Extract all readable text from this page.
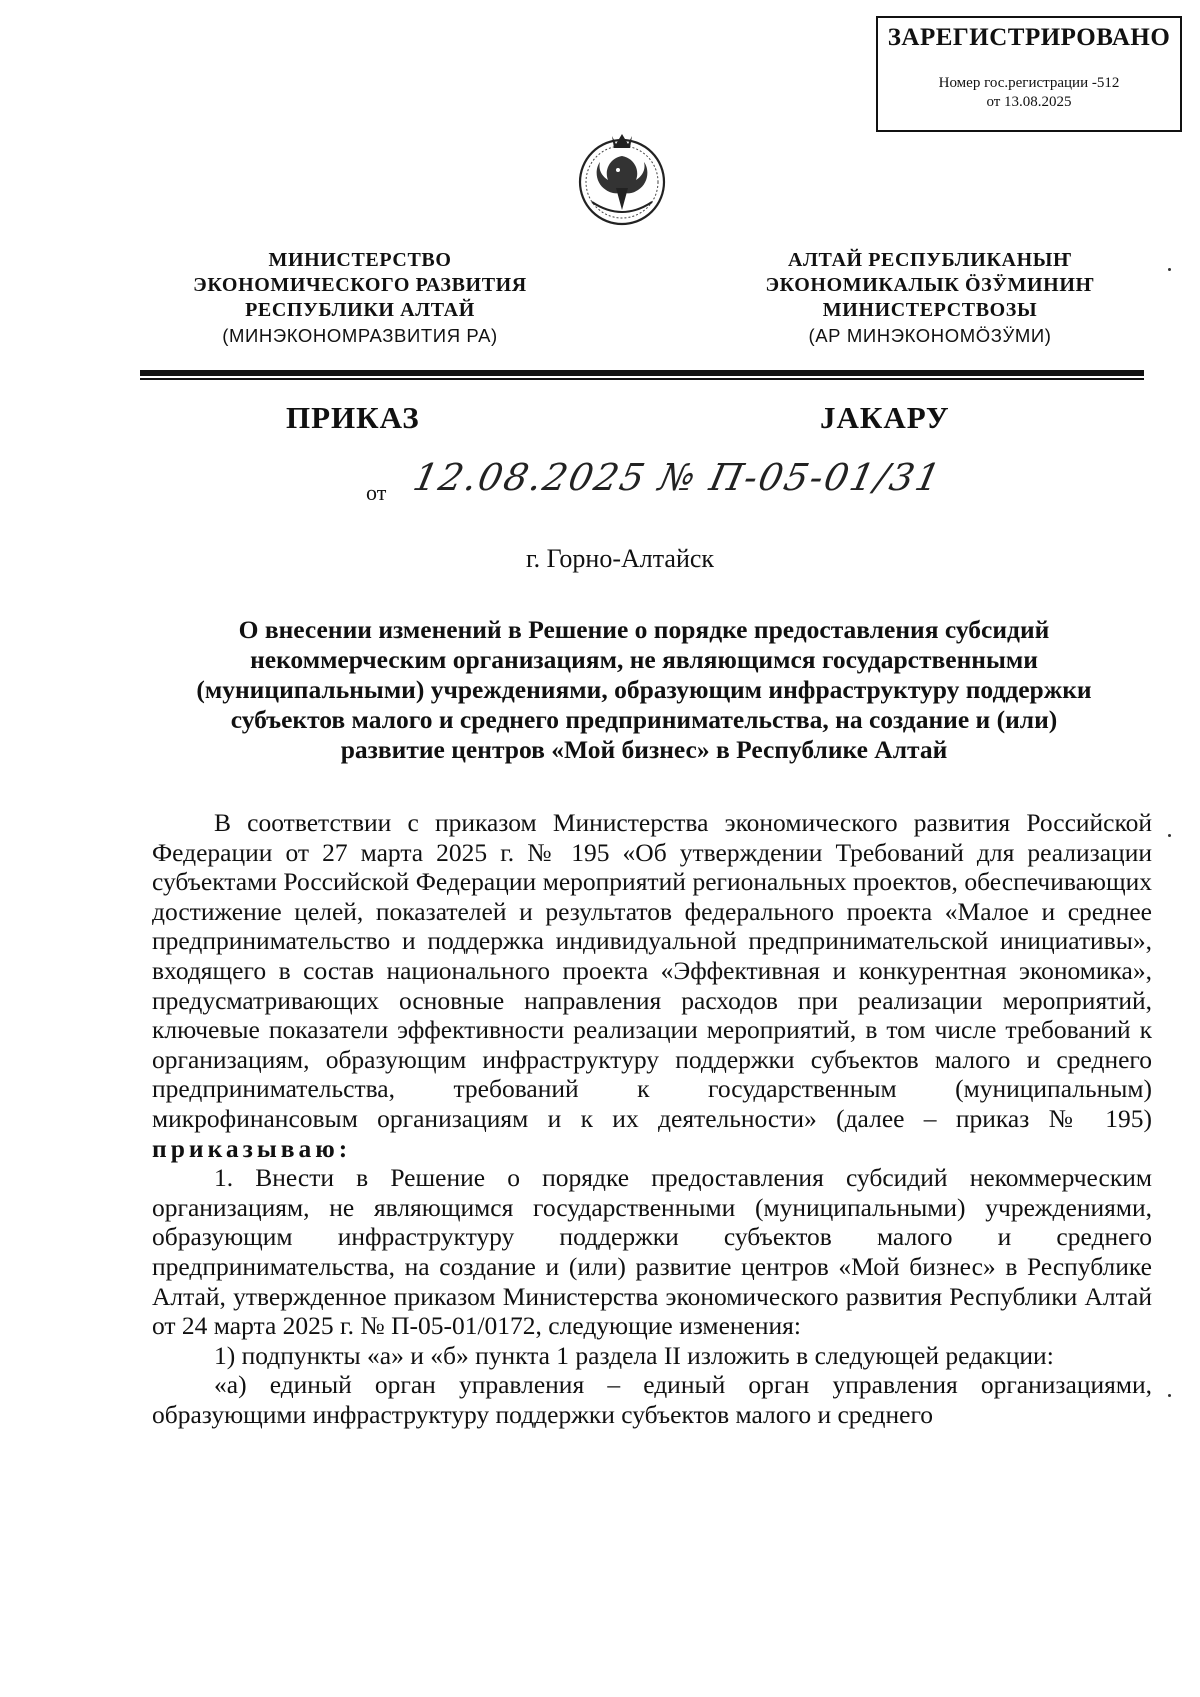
ЗАРЕГИСТРИРОВАНО
Номер гос.регистрации -512
от 13.08.2025
МИНИСТЕРСТВО
ЭКОНОМИЧЕСКОГО РАЗВИТИЯ
РЕСПУБЛИКИ АЛТАЙ
(МИНЭКОНОМРАЗВИТИЯ РА)
АЛТАЙ РЕСПУБЛИКАНЫҤ
ЭКОНОМИКАЛЫК ӦЗӰМИНИҤ
МИНИСТЕРСТВОЗЫ
(АР МИНЭКОНОМӦЗӰМИ)
ПРИКАЗ	ЈАКАРУ
от 12.08.2025 № П-05-01/31
г. Горно-Алтайск
О внесении изменений в Решение о порядке предоставления субсидий
некоммерческим организациям, не являющимся государственными
(муниципальными) учреждениями, образующим инфраструктуру поддержки
субъектов малого и среднего предпринимательства, на создание и (или)
развитие центров «Мой бизнес» в Республике Алтай

В соответствии с приказом Министерства экономического развития Российской Федерации от 27 марта 2025 г. № 195 «Об утверждении Требований для реализации субъектами Российской Федерации мероприятий региональных проектов, обеспечивающих достижение целей, показателей и результатов федерального проекта «Малое и среднее предпринимательство и поддержка индивидуальной предпринимательской инициативы», входящего в состав национального проекта «Эффективная и конкурентная экономика», предусматривающих основные направления расходов при реализации мероприятий, ключевые показатели эффективности реализации мероприятий, в том числе требований к организациям, образующим инфраструктуру поддержки субъектов малого и среднего предпринимательства, требований к государственным (муниципальным) микрофинансовым организациям и к их деятельности» (далее – приказ № 195) приказываю:

1. Внести в Решение о порядке предоставления субсидий некоммерческим организациям, не являющимся государственными (муниципальными) учреждениями, образующим инфраструктуру поддержки субъектов малого и среднего предпринимательства, на создание и (или) развитие центров «Мой бизнес» в Республике Алтай, утвержденное приказом Министерства экономического развития Республики Алтай от 24 марта 2025 г. № П-05-01/0172, следующие изменения:

1) подпункты «а» и «б» пункта 1 раздела II изложить в следующей редакции:

«а) единый орган управления – единый орган управления организациями, образующими инфраструктуру поддержки субъектов малого и среднего
